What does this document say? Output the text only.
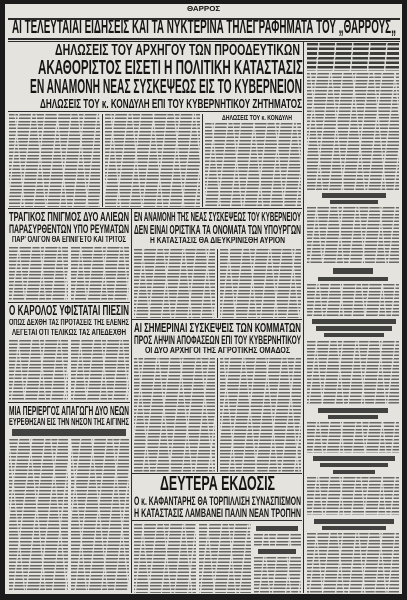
ΘΑΡΡΟΣ
ΑΙ ΤΕΛΕΥΤΑΙΑΙ ΕΙΔΗΣΕΙΣ ΚΑΙ ΤΑ ΝΥΚΤΕΡΙΝΑ ΤΗΛΕΓΡΑΦΗΜΑΤΑ ΤΟΥ „ΘΑΡΡΟΥΣ„
ΔΗΛΩΣΕΙΣ ΤΟΥ ΑΡΧΗΓΟΥ ΤΩΝ ΠΡΟΟΔΕΥΤΙΚΩΝ
ΑΚΑΘΟΡΙΣΤΟΣ ΕΙΣΕΤΙ Η ΠΟΛΙΤΙΚΗ ΚΑΤΑΣΤΑΣΙΣ
ΕΝ ΑΝΑΜΟΝΗ ΝΕΑΣ ΣΥΣΚΕΨΕΩΣ ΕΙΣ ΤΟ ΚΥΒΕΡΝΕΙΟΝ
ΔΗΛΩΣΕΙΣ ΤΟΥ κ. ΚΟΝΔΥΛΗ ΕΠΙ ΤΟΥ ΚΥΒΕΡΝΗΤΙΚΟΥ ΖΗΤΗΜΑΤΟΣ
ΔΗΛΩΣΕΙΣ ΤΟΥ κ. ΚΟΝΔΥΛΗ
ΤΡΑΓΙΚΟΣ ΠΝΙΓΜΟΣ ΔΥΟ ΑΛΙΕΩΝ
ΠΑΡΑΣΥΡΘΕΝΤΩΝ ΥΠΟ ΡΕΥΜΑΤΩΝ
ΠΑΡ' ΟΛΙΓΟΝ ΘΑ ΕΠΝΙΓΕΤΟ ΚΑΙ ΤΡΙΤΟΣ
Ο ΚΑΡΟΛΟΣ ΥΦΙΣΤΑΤΑΙ ΠΙΕΣΙΝ
ΟΠΩΣ ΔΕΧΘΗ ΤΑΣ ΠΡΟΤΑΣΕΙΣ ΤΗΣ ΕΛΕΝΗΣ
ΛΕΓΕΤΑΙ ΟΤΙ ΤΕΛΙΚΩΣ ΤΑΣ ΑΠΕΔΕΧΘΗ
ΜΙΑ ΠΕΡΙΕΡΓΟΣ ΑΠΑΓΩΓΗ ΔΥΟ ΝΕΩΝ
ΕΥΡΕΘΗΣΑΝ ΕΙΣ ΤΗΝ ΝΗΣΟΝ ΤΗΣ ΑΙΓΙΝΗΣ
ΕΝ ΑΝΑΜΟΝΗ ΤΗΣ ΝΕΑΣ ΣΥΣΚΕΨΕΩΣ ΤΟΥ ΚΥΒΕΡΝΕΙΟΥ
ΔΕΝ ΕΙΝΑΙ ΟΡΙΣΤΙΚΑ ΤΑ ΟΝΟΜΑΤΑ ΤΩΝ ΥΠΟΥΡΓΩΝ
Η ΚΑΤΑΣΤΑΣΙΣ ΘΑ ΔΙΕΥΚΡΙΝΙΣΘΗ ΑΥΡΙΟΝ
ΑΙ ΣΗΜΕΡΙΝΑΙ ΣΥΣΚΕΨΕΙΣ ΤΩΝ ΚΟΜΜΑΤΩΝ
ΠΡΟΣ ΛΗΨΙΝ ΑΠΟΦΑΣΕΩΝ ΕΠΙ ΤΟΥ ΚΥΒΕΡΝΗΤΙΚΟΥ
ΟΙ ΔΥΟ ΑΡΧΗΓΟΙ ΤΗΣ ΑΓΡΟΤΙΚΗΣ ΟΜΑΔΟΣ
ΔΕΥΤΕΡΑ ΕΚΔΟΣΙΣ
Ο κ. ΚΑΦΑΝΤΑΡΗΣ ΘΑ ΤΟΡΠΙΛΛΙΣΗ ΣΥΝΑΣΠΙΣΜΟΝ
Η ΚΑΤΑΣΤΑΣΙΣ ΛΑΜΒΑΝΕΙ ΠΑΛΙΝ ΝΕΑΝ ΤΡΟΠΗΝ
